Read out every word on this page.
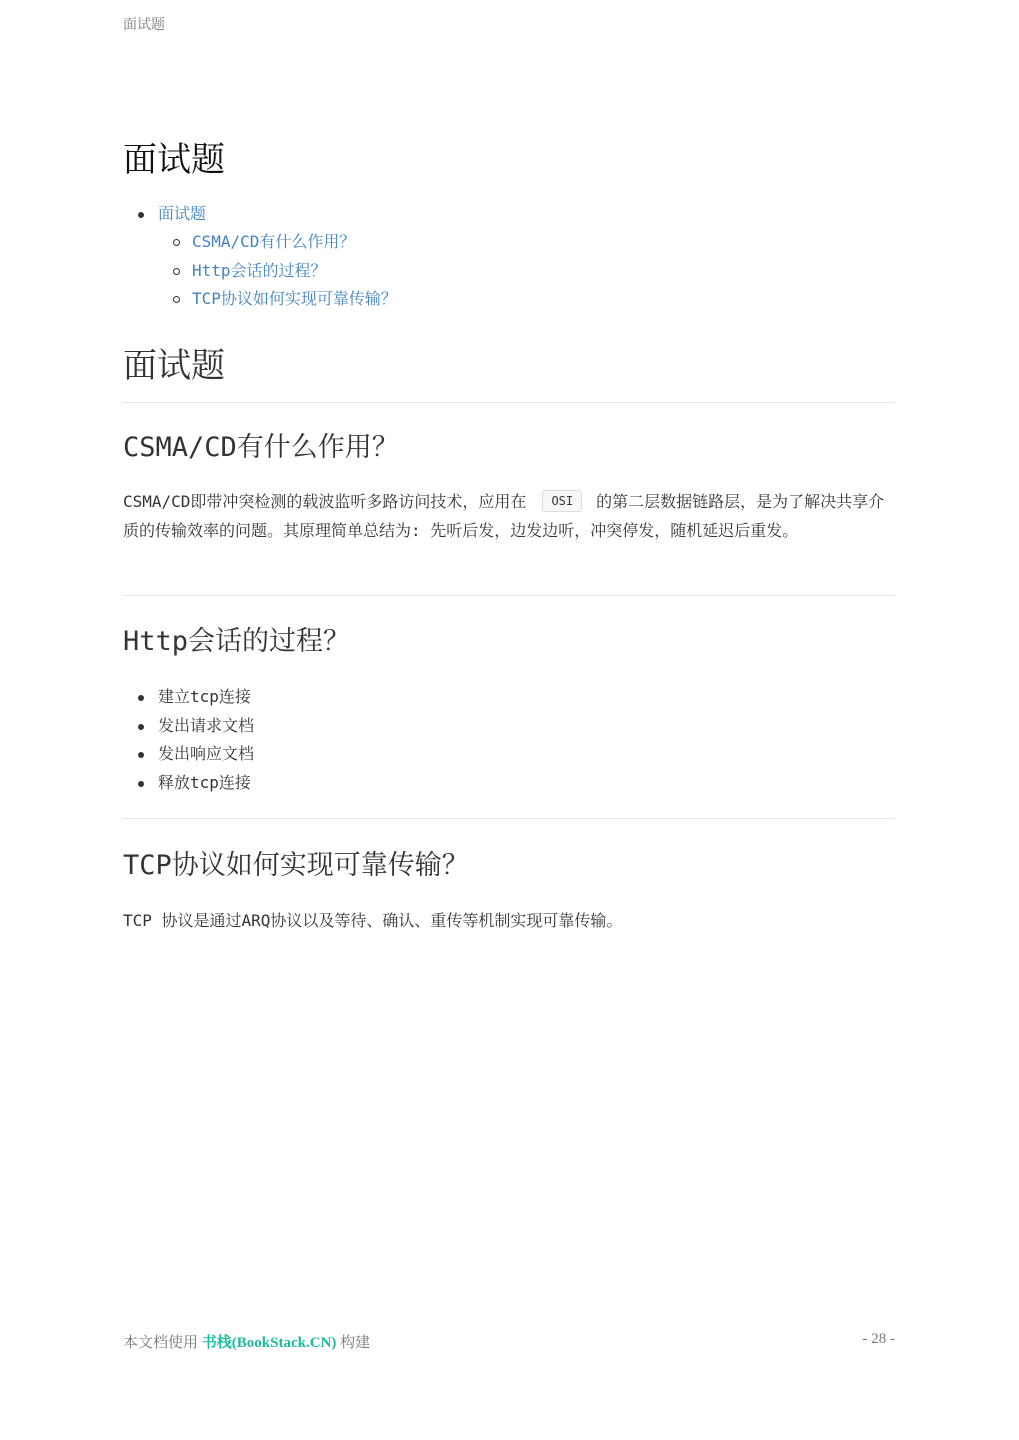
面试题
面试题
面试题
CSMA/CD有什么作用？
Http会话的过程？
TCP协议如何实现可靠传输？
面试题
CSMA/CD有什么作用？

CSMA/CD即带冲突检测的载波监听多路访问技术，应用在 OSI 的第二层数据链路层，是为了解决共享介质的传输效率的问题。其原理简单总结为: 先听后发，边发边听，冲突停发，随机延迟后重发。

Http会话的过程？
建立tcp连接
发出请求文档
发出响应文档
释放tcp连接
TCP协议如何实现可靠传输？

TCP 协议是通过ARQ协议以及等待、确认、重传等机制实现可靠传输。

本文档使用 书栈(BookStack.CN) 构建	- 28 -
